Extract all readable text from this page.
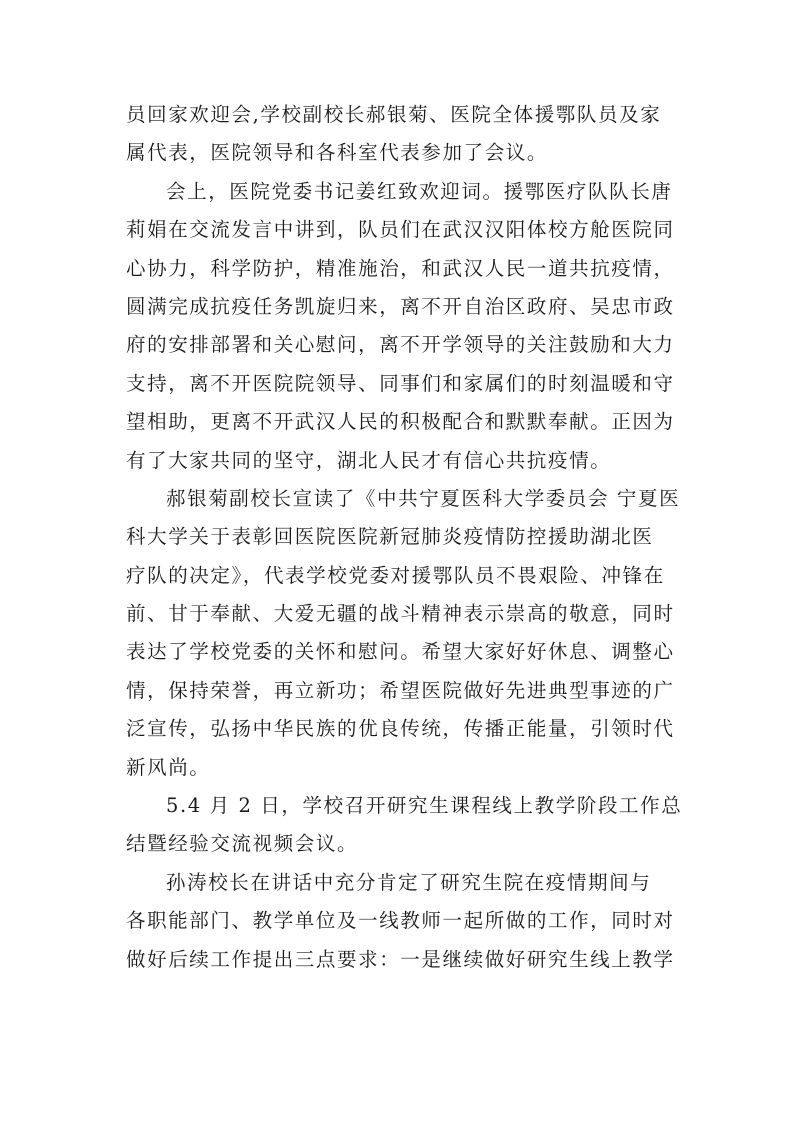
员回家欢迎会,学校副校长郝银菊、医院全体援鄂队员及家
属代表，医院领导和各科室代表参加了会议。
会上，医院党委书记姜红致欢迎词。援鄂医疗队队长唐
莉娟在交流发言中讲到，队员们在武汉汉阳体校方舱医院同
心协力，科学防护，精准施治，和武汉人民一道共抗疫情，
圆满完成抗疫任务凯旋归来，离不开自治区政府、吴忠市政
府的安排部署和关心慰问，离不开学领导的关注鼓励和大力
支持，离不开医院院领导、同事们和家属们的时刻温暖和守
望相助，更离不开武汉人民的积极配合和默默奉献。正因为
有了大家共同的坚守，湖北人民才有信心共抗疫情。
郝银菊副校长宣读了《中共宁夏医科大学委员会 宁夏医
科大学关于表彰回医院医院新冠肺炎疫情防控援助湖北医
疗队的决定》，代表学校党委对援鄂队员不畏艰险、冲锋在
前、甘于奉献、大爱无疆的战斗精神表示崇高的敬意，同时
表达了学校党委的关怀和慰问。希望大家好好休息、调整心
情，保持荣誉，再立新功；希望医院做好先进典型事迹的广
泛宣传，弘扬中华民族的优良传统，传播正能量，引领时代
新风尚。
5.4 月 2 日，学校召开研究生课程线上教学阶段工作总
结暨经验交流视频会议。
孙涛校长在讲话中充分肯定了研究生院在疫情期间与
各职能部门、教学单位及一线教师一起所做的工作，同时对
做好后续工作提出三点要求：一是继续做好研究生线上教学
